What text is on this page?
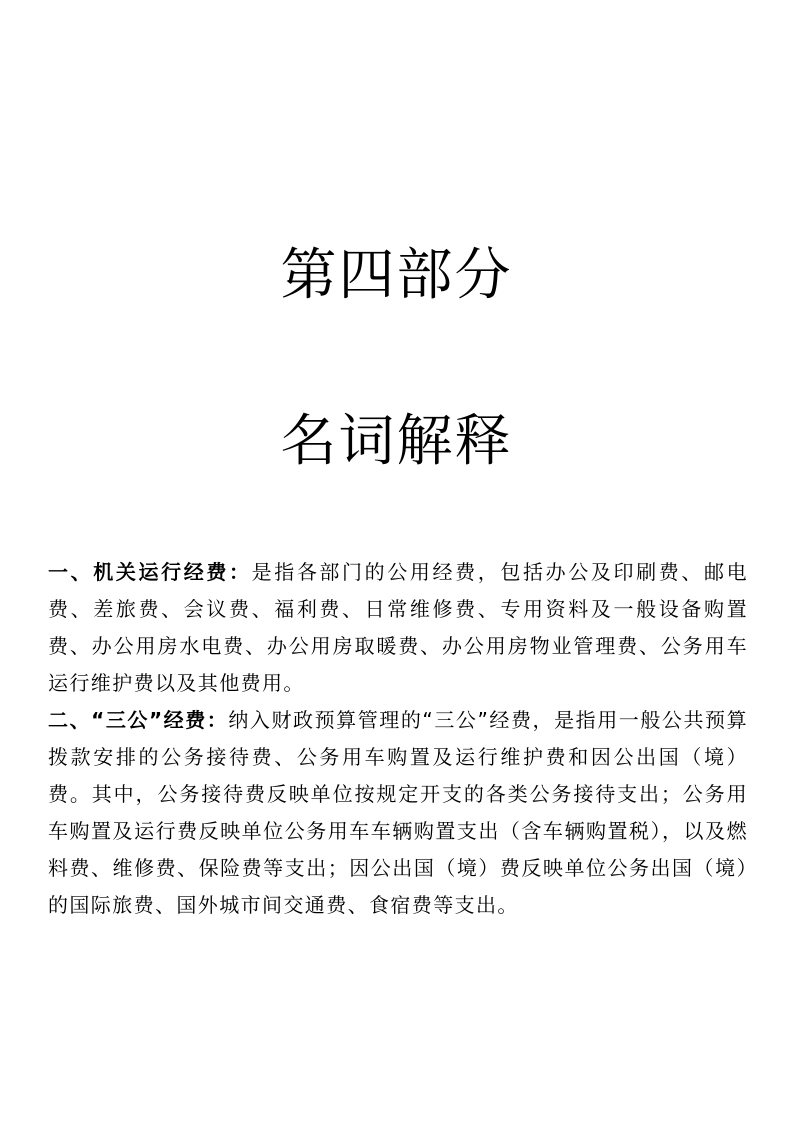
第四部分
名词解释

一、机关运行经费：是指各部门的公用经费，包括办公及印刷费、邮电费、差旅费、会议费、福利费、日常维修费、专用资料及一般设备购置费、办公用房水电费、办公用房取暖费、办公用房物业管理费、公务用车运行维护费以及其他费用。

二、“三公”经费：纳入财政预算管理的“三公”经费，是指用一般公共预算拨款安排的公务接待费、公务用车购置及运行维护费和因公出国（境）费。其中，公务接待费反映单位按规定开支的各类公务接待支出；公务用车购置及运行费反映单位公务用车车辆购置支出（含车辆购置税），以及燃料费、维修费、保险费等支出；因公出国（境）费反映单位公务出国（境）的国际旅费、国外城市间交通费、食宿费等支出。
